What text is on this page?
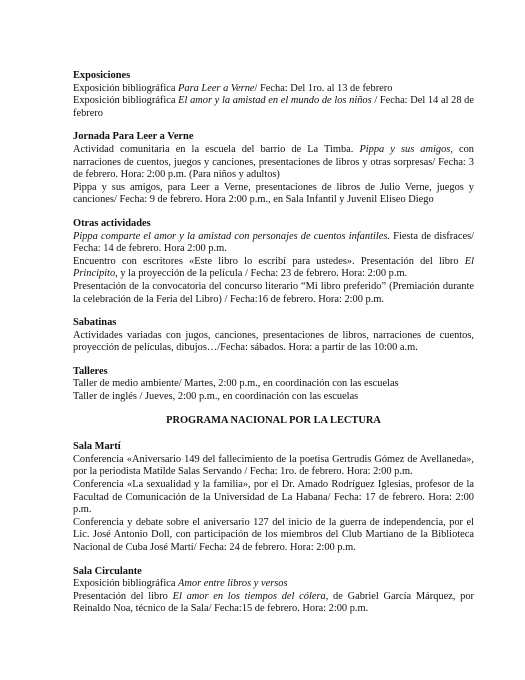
Exposiciones
Exposición bibliográfica Para Leer a Verne/ Fecha: Del 1ro. al 13 de febrero
Exposición bibliográfica El amor y la amistad en el mundo de los niños / Fecha: Del 14 al 28 de febrero
Jornada Para Leer a Verne
Actividad comunitaria en la escuela del barrio de La Timba. Pippa y sus amigos, con narraciones de cuentos, juegos y canciones, presentaciones de libros y otras sorpresas/ Fecha: 3 de febrero. Hora: 2:00 p.m. (Para niños y adultos)
Pippa y sus amigos, para Leer a Verne, presentaciones de libros de Julio Verne, juegos y canciones/ Fecha: 9 de febrero. Hora 2:00 p.m., en Sala Infantil y Juvenil Eliseo Diego
Otras actividades
Pippa comparte el amor y la amistad con personajes de cuentos infantiles. Fiesta de disfraces/ Fecha: 14 de febrero. Hora 2:00 p.m.
Encuentro con escritores «Este libro lo escribí para ustedes». Presentación del libro El Principito, y la proyección de la película / Fecha: 23 de febrero. Hora: 2:00 p.m.
Presentación de la convocatoria del concurso literario “Mi libro preferido” (Premiación durante la celebración de la Feria del Libro) / Fecha:16 de febrero. Hora: 2:00 p.m.
Sabatinas
Actividades variadas con jugos, canciones, presentaciones de libros, narraciones de cuentos, proyección de películas, dibujos…/Fecha: sábados. Hora: a partir de las 10:00 a.m.
Talleres
Taller de medio ambiente/ Martes, 2:00 p.m., en coordinación con las escuelas
Taller de inglés / Jueves, 2:00 p.m., en coordinación con las escuelas
PROGRAMA NACIONAL POR LA LECTURA
Sala Martí
Conferencia «Aniversario 149 del fallecimiento de la poetisa Gertrudis Gómez de Avellaneda», por la periodista Matilde Salas Servando / Fecha: 1ro. de febrero. Hora: 2:00 p.m.
Conferencia «La sexualidad y la familia», por el Dr. Amado Rodríguez Iglesias, profesor de la Facultad de Comunicación de la Universidad de La Habana/ Fecha: 17 de febrero. Hora: 2:00 p.m.
Conferencia y debate sobre el aniversario 127 del inicio de la guerra de independencia, por el Lic. José Antonio Doll, con participación de los miembros del Club Martiano de la Biblioteca Nacional de Cuba José Martí/ Fecha: 24 de febrero. Hora: 2:00 p.m.
Sala Circulante
Exposición bibliográfica Amor entre libros y versos
Presentación del libro El amor en los tiempos del cólera, de Gabriel García Márquez, por Reinaldo Noa, técnico de la Sala/ Fecha:15 de febrero. Hora: 2:00 p.m.
